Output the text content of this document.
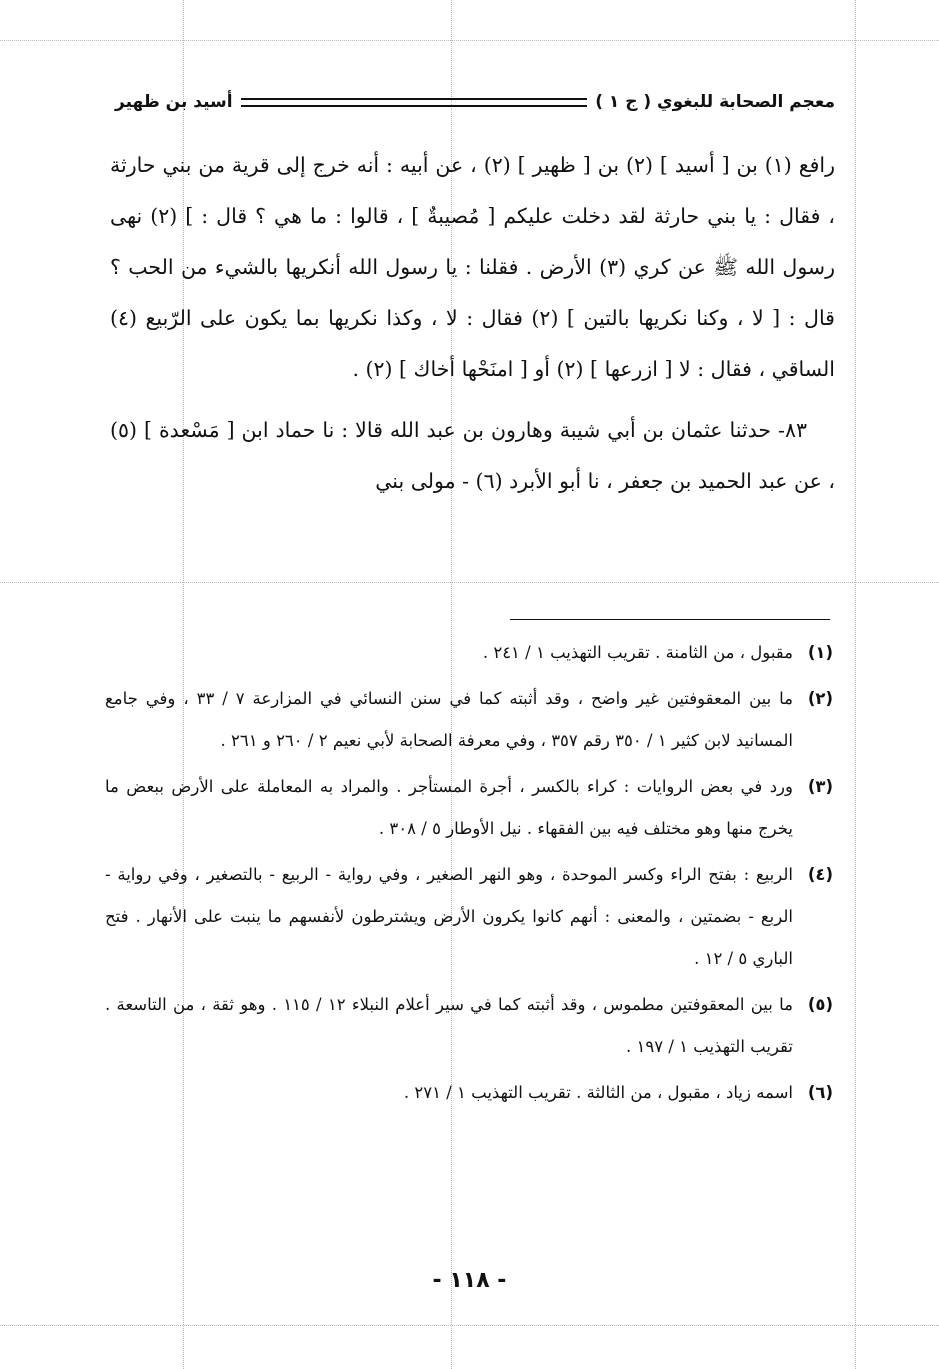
معجم الصحابة للبغوي ( ج ١ )
أسيد بن ظهير

رافع (١) بن [ أسيد ] (٢) بن [ ظهير ] (٢) ، عن أبيه : أنه خرج إلى قرية من بني حارثة ، فقال : يا بني حارثة لقد دخلت عليكم [ مُصيبةٌ ] ، قالوا : ما هي ؟ قال : ] (٢) نهى رسول الله ﷺ عن كري (٣) الأرض . فقلنا : يا رسول الله أنكريها بالشيء من الحب ؟ قال : [ لا ، وكنا نكريها بالتين ] (٢) فقال : لا ، وكذا نكريها بما يكون على الرّبيع (٤) الساقي ، فقال : لا [ ازرعها ] (٢) أو [ امنَحْها أخاك ] (٢) .

٨٣- حدثنا عثمان بن أبي شيبة وهارون بن عبد الله قالا : نا حماد ابن [ مَسْعدة ] (٥) ، عن عبد الحميد بن جعفر ، نا أبو الأبرد (٦) - مولى بني

(١)
مقبول ، من الثامنة . تقريب التهذيب ١ / ٢٤١ .
(٢)
ما بين المعقوفتين غير واضح ، وقد أثبته كما في سنن النسائي في المزارعة ٧ / ٣٣ ، وفي جامع المسانيد لابن كثير ١ / ٣٥٠ رقم ٣٥٧ ، وفي معرفة الصحابة لأبي نعيم ٢ / ٢٦٠ و ٢٦١ .
(٣)
ورد في بعض الروايات : كراء بالكسر ، أجرة المستأجر . والمراد به المعاملة على الأرض ببعض ما يخرج منها وهو مختلف فيه بين الفقهاء . نيل الأوطار ٥ / ٣٠٨ .
(٤)
الربيع : بفتح الراء وكسر الموحدة ، وهو النهر الصغير ، وفي رواية - الربيع - بالتصغير ، وفي رواية - الربع - بضمتين ، والمعنى : أنهم كانوا يكرون الأرض ويشترطون لأنفسهم ما ينبت على الأنهار . فتح الباري ٥ / ١٢ .
(٥)
ما بين المعقوفتين مطموس ، وقد أثبته كما في سير أعلام النبلاء ١٢ / ١١٥ . وهو ثقة ، من التاسعة . تقريب التهذيب ١ / ١٩٧ .
(٦)
اسمه زياد ، مقبول ، من الثالثة . تقريب التهذيب ١ / ٢٧١ .
- ١١٨ -
